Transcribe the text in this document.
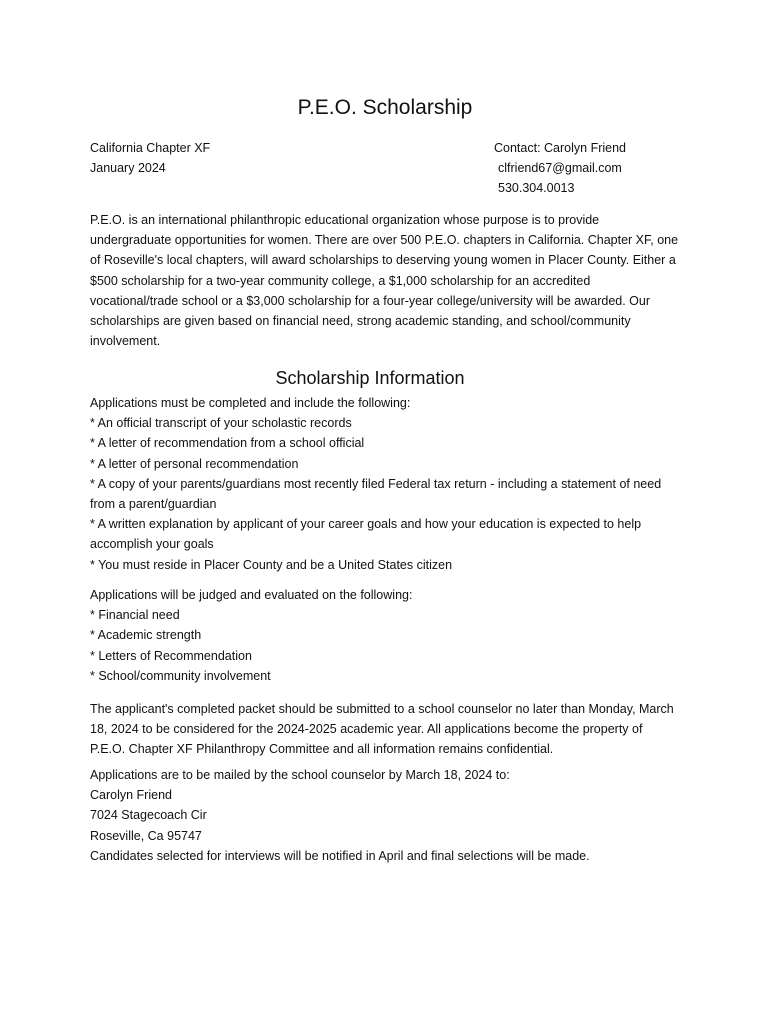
P.E.O. Scholarship
California Chapter XF
January 2024
Contact: Carolyn Friend
clfriend67@gmail.com
530.304.0013

P.E.O. is an international philanthropic educational organization whose purpose is to provide undergraduate opportunities for women. There are over 500 P.E.O. chapters in California. Chapter XF, one of Roseville's local chapters, will award scholarships to deserving young women in Placer County. Either a $500 scholarship for a two-year community college, a $1,000 scholarship for an accredited vocational/trade school or a $3,000 scholarship for a four-year college/university will be awarded. Our scholarships are given based on financial need, strong academic standing, and school/community involvement.

Scholarship Information
Applications must be completed and include the following:
* An official transcript of your scholastic records
* A letter of recommendation from a school official
* A letter of personal recommendation
* A copy of your parents/guardians most recently filed Federal tax return - including a statement of need from a parent/guardian
* A written explanation by applicant of your career goals and how your education is expected to help accomplish your goals
* You must reside in Placer County and be a United States citizen
Applications will be judged and evaluated on the following:
* Financial need
* Academic strength
* Letters of Recommendation
* School/community involvement

The applicant's completed packet should be submitted to a school counselor no later than Monday, March 18, 2024 to be considered for the 2024-2025 academic year. All applications become the property of P.E.O. Chapter XF Philanthropy Committee and all information remains confidential.

Applications are to be mailed by the school counselor by March 18, 2024 to:
Carolyn Friend
7024 Stagecoach Cir
Roseville, Ca 95747
Candidates selected for interviews will be notified in April and final selections will be made.
